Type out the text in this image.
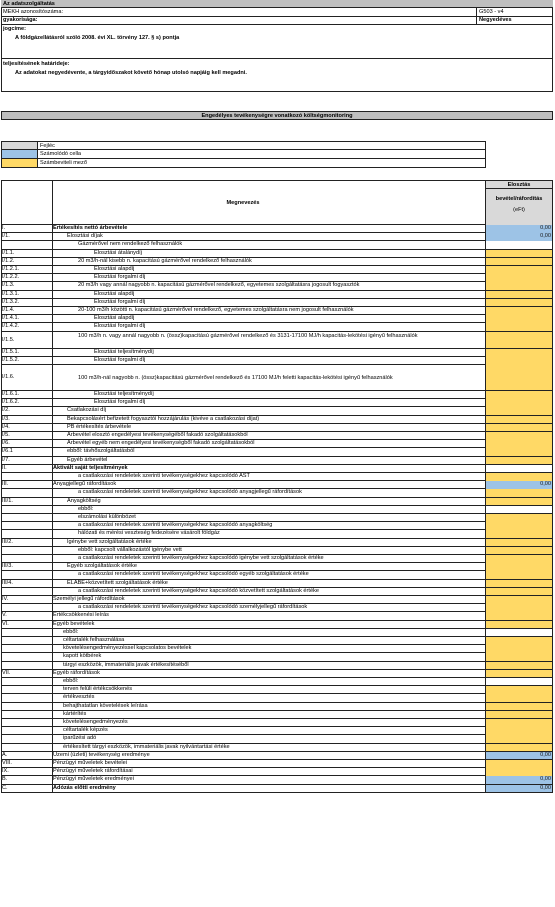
Az adatszolgáltatás
MEKH azonosítószáma:	G503 - v4
gyakorisága:	Negyedéves
jogcíme:
A földgázellátásról szóló 2008. évi XL. törvény 127. § s) pontja
teljesítésének határideje:
Az adatokat negyedévente, a tárgyidőszakot követő hónap utolsó napjáig kell megadni.
Engedélyes tevékenységre vonatkozó költségmonitoring
Fejléc
Számolódó cella
Számbeviteli mező
Megnevezés
Elosztás
bevétel/ráfordítás
(eFt)
I.	Értékesítés nettó árbevétele	0,00
I/1.	Elosztási díjak	0,00
Gázmérővel nem rendelkező felhasználók
I/1.1.	Elosztási átalánydíj
I/1.2.	20 m3/h-nál kisebb n. kapacitású gázmérővel rendelkező felhasználók
I/1.2.1.	Elosztási alapdíj
I/1.2.2.	Elosztási forgalmi díj
I/1.3.	20 m3/h vagy annál nagyobb n. kapacitású gázmérővel rendelkező, egyetemes szolgáltatásra jogosult fogyasztók
I/1.3.1.	Elosztási alapdíj
I/1.3.2.	Elosztási forgalmi díj
I/1.4.	20-100 m3/h közötti n. kapacitású gázmérővel rendelkező, egyetemes szolgáltatásra nem jogosult felhasználók
I/1.4.1.	Elosztási alapdíj
I/1.4.2.	Elosztási forgalmi díj
I/1.5.
100 m3/h n. vagy annál nagyobb n. (össz)kapacitású gázmérővel rendelkező és 3131-17100 MJ/h kapacitás-lekötési igényű felhasználók
I/1.5.1.	Elosztási teljesítménydíj
I/1.5.2.	Elosztási forgalmi díj
I/1.6.	100 m3/h-nál nagyobb n. (össz)kapacitású gázmérővel rendelkező és 17100 MJ/h feletti kapacitás-lekötési igényű felhasználók
I/1.6.1.	Elosztási teljesítménydíj
I/1.6.2.	Elosztási forgalmi díj
I/2.	Csatlakozási díj
I/3.	Bekapcsolásért befizetett fogyasztói hozzájárulás (kivéve a csatlakozási díjat)
I/4.	PB értékesítés árbevétele
I/5.	Árbevétel elosztó engedélyesi tevékenységéből fakadó szolgáltatásokból
I/6.	Árbevétel egyéb nem engedélyesi tevékenységből fakadó szolgáltatásokból
I/6.1	ebből: távhőszolgáltatásból
I/7.	Egyéb árbevétel
II.	Aktivált saját teljesítmények
a csatlakozási rendeletek szerinti tevékenységekhez kapcsolódó AST
III.	Anyagjellegű ráfordítások	0,00
a csatlakozási rendeletek szerinti tevékenységekhez kapcsolódó anyagjellegű ráfordítások
III/1.	Anyagköltség
ebből:
elszámolási különbözet
a csatlakozási rendeletek szerinti tevékenységekhez kapcsolódó anyagköltség
hálózati és mérési veszteség fedezésére vásárolt földgáz
III/2.	Igénybe vett szolgáltatások értéke
ebből: kapcsolt vállalkozástól igénybe vett
a csatlakozási rendeletek szerinti tevékenységekhez kapcsolódó igénybe vett szolgáltatások értéke
III/3.	Egyéb szolgáltatások értéke
a csatlakozási rendeletek szerinti tevékenységekhez kapcsolódó egyéb szolgáltatások értéke
III/4.	ELÁBÉ+közvetített szolgáltatások értéke
a csatlakozási rendeletek szerinti tevékenységekhez kapcsolódó közvetített szolgáltatások értéke
IV.	Személyi jellegű ráfordítások
a csatlakozási rendeletek szerinti tevékenységekhez kapcsolódó személyjellegű ráfordítások
V.	Értékcsökkenési leírás
VI.	Egyéb bevételek
ebből:
céltartalék felhasználása
követelésengedményezéssel kapcsolatos bevételek
kapott kötbérek
tárgyi eszközök, immateriális javak értékesítéséből
VII.	Egyéb ráfordítások
ebből:
terven felüli értékcsökkenés
értékvesztés
behajthatatlan követelések leírása
kártérítés
követelésengedményezés
céltartalék képzés
iparűzési adó
értékesített tárgyi eszközök, immateriális javak nyilvántartási értéke
A.	Üzemi (üzleti) tevékenység eredménye	0,00
VIII.	Pénzügyi műveletek bevételei
IX.	Pénzügyi műveletek ráfordításai
B.	Pénzügyi műveletek eredményei	0,00
C.	Adózás előtti eredmény	0,00
